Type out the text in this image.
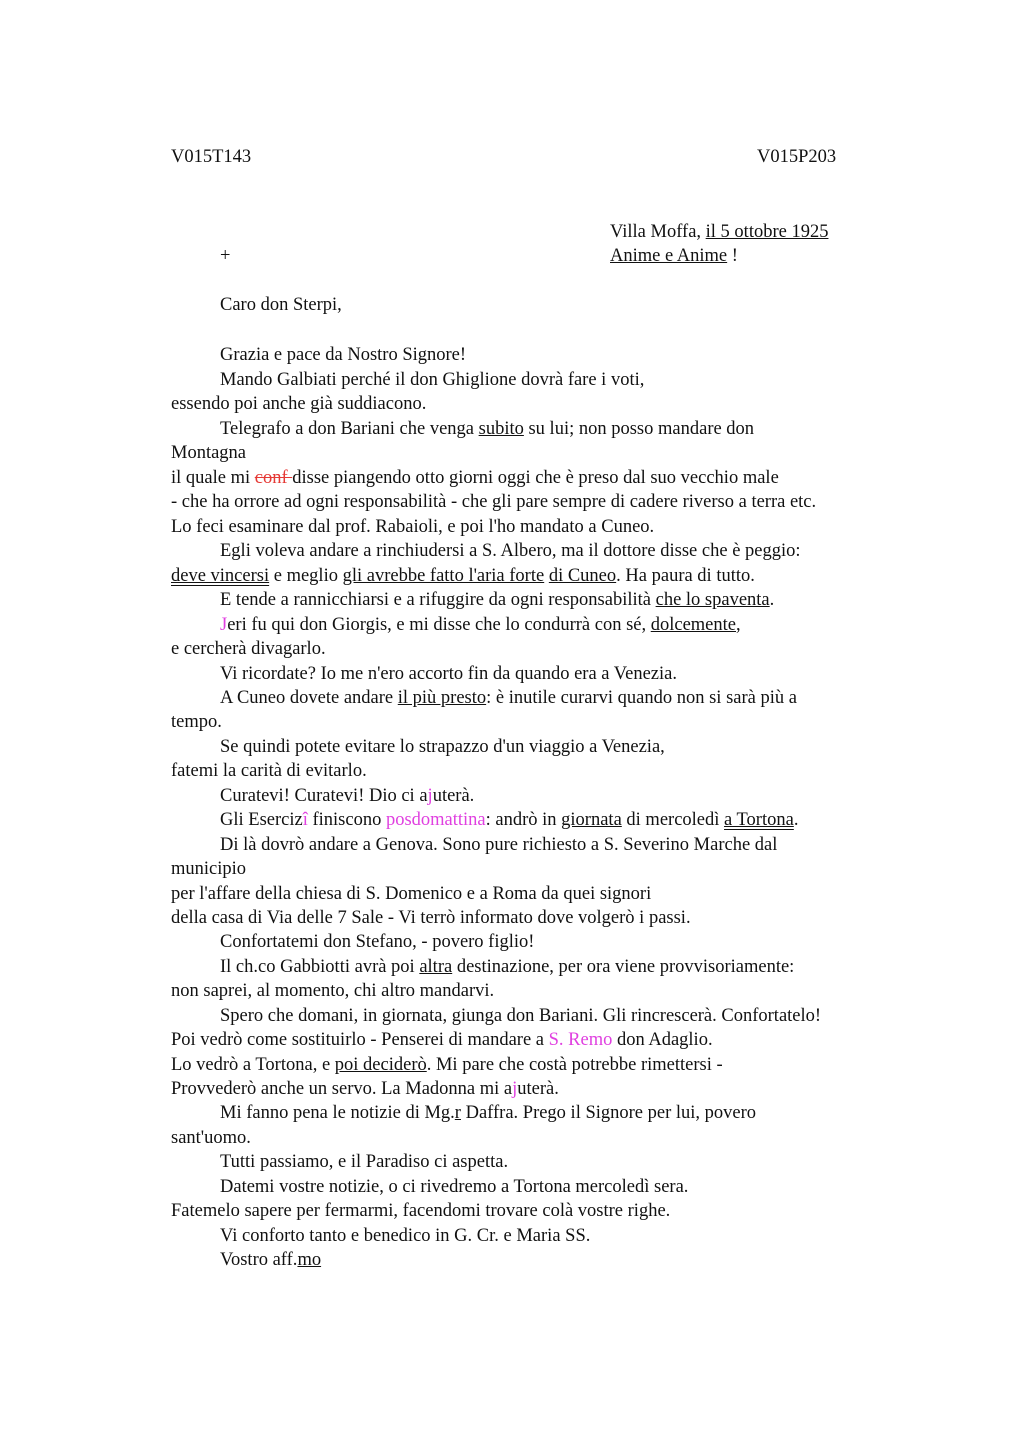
V015T143	V015P203
Villa Moffa, il 5 ottobre 1925
+	Anime e Anime !
Caro don Sterpi,
Grazia e pace da Nostro Signore!
Mando Galbiati perché il don Ghiglione dovrà fare i voti,
essendo poi anche già suddiacono.
Telegrafo a don Bariani che venga subito su lui; non posso mandare don
Montagna
il quale mi conf disse piangendo otto giorni oggi che è preso dal suo vecchio male
- che ha orrore ad ogni responsabilità - che gli pare sempre di cadere riverso a terra etc.
Lo feci esaminare dal prof. Rabaioli, e poi l'ho mandato a Cuneo.
Egli voleva andare a rinchiudersi a S. Albero, ma il dottore disse che è peggio:
deve vincersi e meglio gli avrebbe fatto l'aria forte di Cuneo. Ha paura di tutto.
E tende a rannicchiarsi e a rifuggire da ogni responsabilità che lo spaventa.
Jeri fu qui don Giorgis, e mi disse che lo condurrà con sé, dolcemente,
e cercherà divagarlo.
Vi ricordate? Io me n'ero accorto fin da quando era a Venezia.
A Cuneo dovete andare il più presto: è inutile curarvi quando non si sarà più a
tempo.
Se quindi potete evitare lo strapazzo d'un viaggio a Venezia,
fatemi la carità di evitarlo.
Curatevi! Curatevi! Dio ci ajuterà.
Gli Esercizî finiscono posdomattina: andrò in giornata di mercoledì a Tortona.
Di là dovrò andare a Genova. Sono pure richiesto a S. Severino Marche dal
municipio
per l'affare della chiesa di S. Domenico e a Roma da quei signori
della casa di Via delle 7 Sale - Vi terrò informato dove volgerò i passi.
Confortatemi don Stefano, - povero figlio!
Il ch.co Gabbiotti avrà poi altra destinazione, per ora viene provvisoriamente:
non saprei, al momento, chi altro mandarvi.
Spero che domani, in giornata, giunga don Bariani. Gli rincrescerà. Confortatelo!
Poi vedrò come sostituirlo - Penserei di mandare a S. Remo don Adaglio.
Lo vedrò a Tortona, e poi deciderò. Mi pare che costà potrebbe rimettersi -
Provvederò anche un servo. La Madonna mi ajuterà.
Mi fanno pena le notizie di Mg.r Daffra. Prego il Signore per lui, povero
sant'uomo.
Tutti passiamo, e il Paradiso ci aspetta.
Datemi vostre notizie, o ci rivedremo a Tortona mercoledì sera.
Fatemelo sapere per fermarmi, facendomi trovare colà vostre righe.
Vi conforto tanto e benedico in G. Cr. e Maria SS.
Vostro aff.mo
